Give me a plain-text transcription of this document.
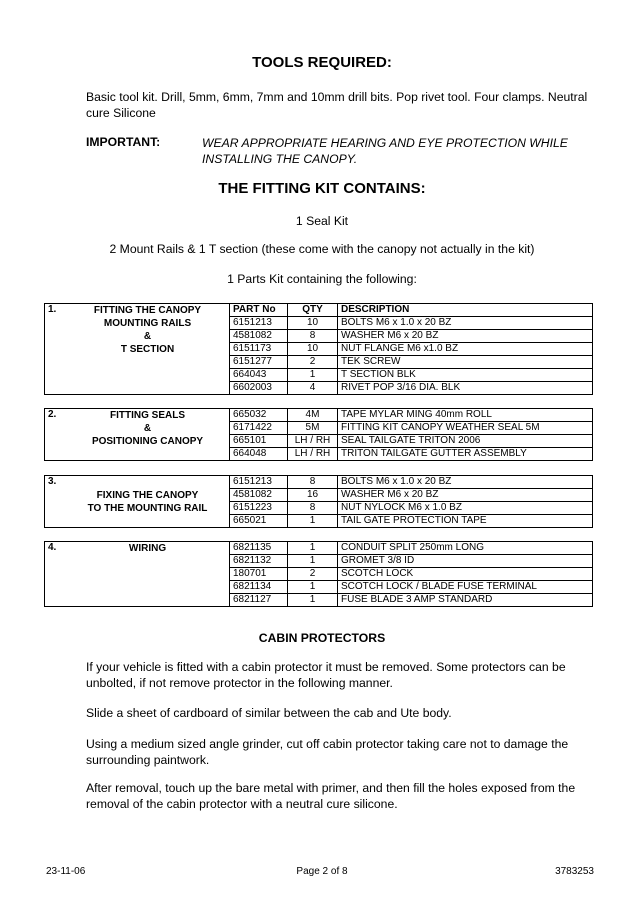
TOOLS REQUIRED:
Basic tool kit. Drill, 5mm, 6mm, 7mm and 10mm drill bits. Pop rivet tool. Four clamps. Neutral cure Silicone
IMPORTANT:	WEAR APPROPRIATE HEARING AND EYE PROTECTION WHILE INSTALLING THE CANOPY.
THE FITTING KIT CONTAINS:
1 Seal Kit
2 Mount Rails & 1 T section (these come with the canopy not actually in the kit)
1 Parts Kit containing the following:
1. FITTING THE CANOPY
MOUNTING RAILS
&
T SECTION	PART No	QTY	DESCRIPTION
	6151213	10	BOLTS M6 x 1.0 x 20 BZ
	4581082	8	WASHER M6 x 20 BZ
	6151173	10	NUT FLANGE M6 x1.0 BZ
	6151277	2	TEK SCREW
	664043	1	T SECTION BLK
	6602003	4	RIVET POP 3/16 DIA. BLK
2. FITTING SEALS
&
POSITIONING CANOPY	665032	4M	TAPE MYLAR MING 40mm ROLL
	6171422	5M	FITTING KIT CANOPY WEATHER SEAL 5M
	665101	LH / RH	SEAL TAILGATE TRITON 2006
	664048	LH / RH	TRITON TAILGATE GUTTER ASSEMBLY
3.
FIXING THE CANOPY
TO THE MOUNTING RAIL	6151213	8	BOLTS M6 x 1.0 x 20 BZ
	4581082	16	WASHER M6 x 20 BZ
	6151223	8	NUT NYLOCK M6 x 1.0 BZ
	665021	1	TAIL GATE PROTECTION TAPE
4. WIRING	6821135	1	CONDUIT SPLIT 250mm LONG
	6821132	1	GROMET 3/8 ID
	180701	2	SCOTCH LOCK
	6821134	1	SCOTCH LOCK / BLADE FUSE TERMINAL
	6821127	1	FUSE BLADE 3 AMP STANDARD
CABIN PROTECTORS
If your vehicle is fitted with a cabin protector it must be removed. Some protectors can be unbolted, if not remove protector in the following manner.
Slide a sheet of cardboard of similar between the cab and Ute body.
Using a medium sized angle grinder, cut off cabin protector taking care not to damage the surrounding paintwork.
After removal, touch up the bare metal with primer, and then fill the holes exposed from the removal of the cabin protector with a neutral cure silicone.
23-11-06	Page 2 of 8	3783253
